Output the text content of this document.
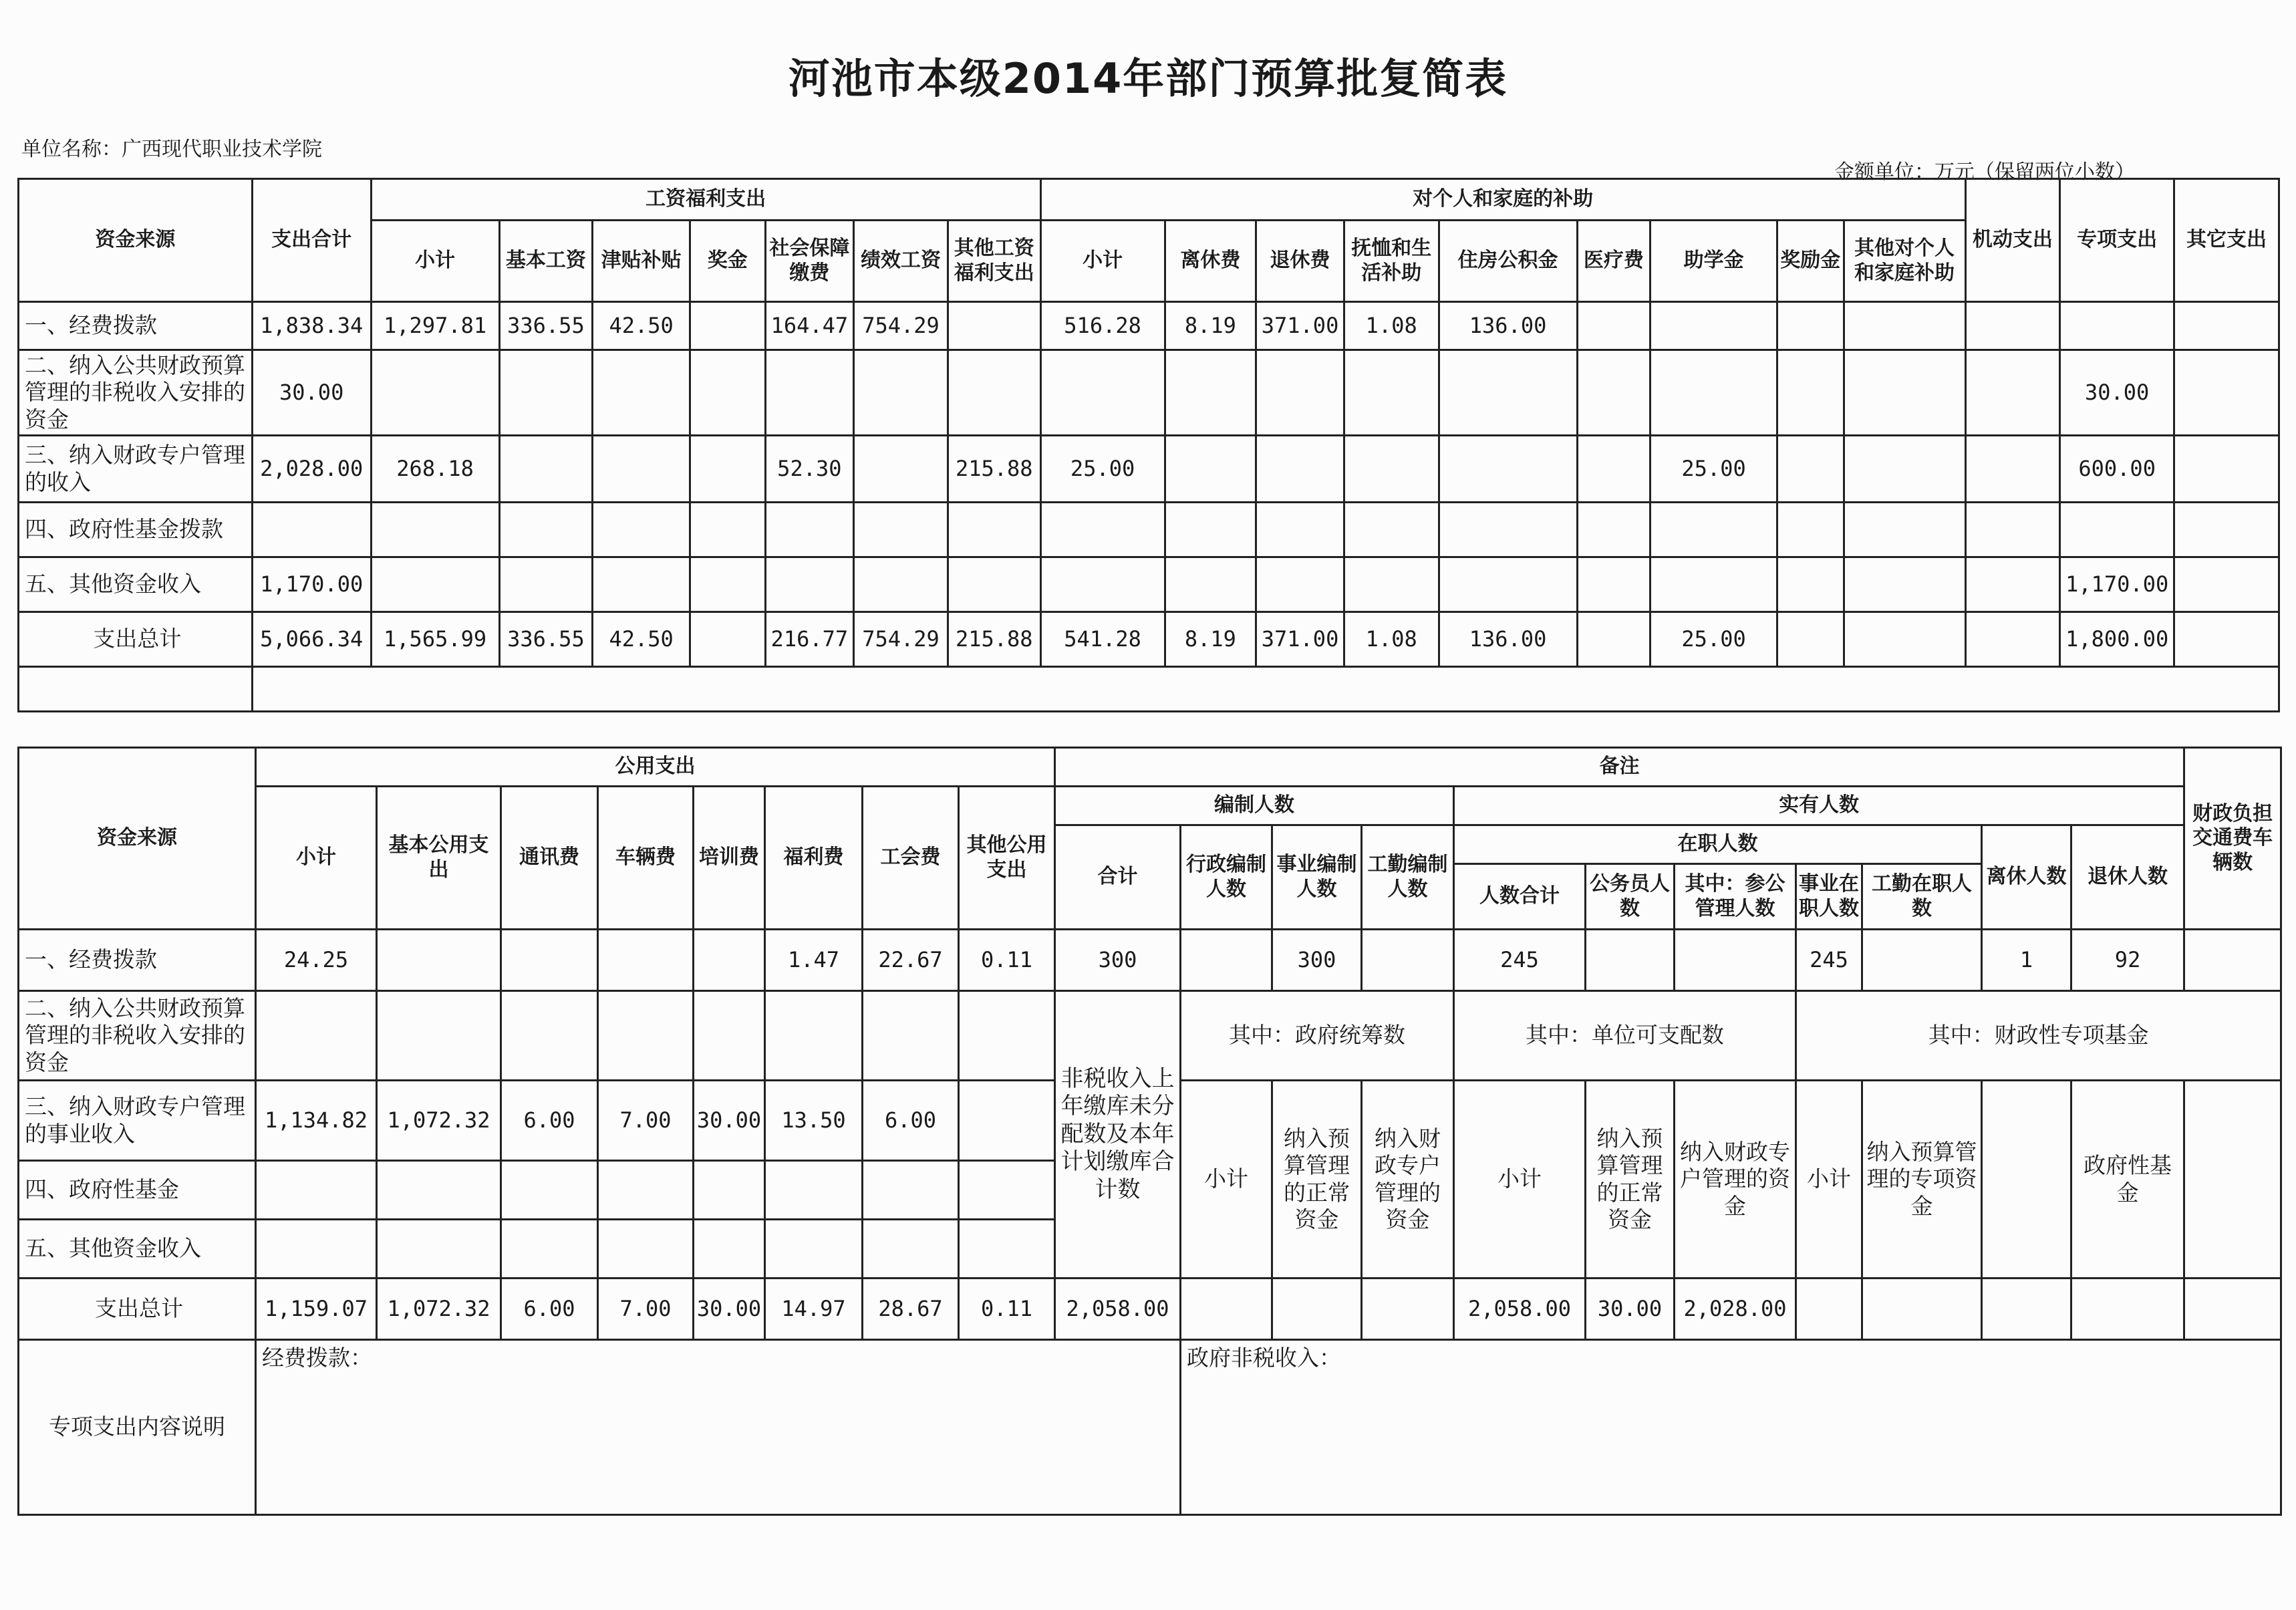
河池市本级2014年部门预算批复简表
单位名称：广西现代职业技术学院
金额单位：万元（保留两位小数）
资金来源	支出合计	工资福利支出							对个人和家庭的补助									机动支出	专项支出	其它支出
		小计	基本工资	津贴补贴	奖金	社会保障缴费	绩效工资	其他工资福利支出	小计	离休费	退休费	抚恤和生活补助	住房公积金	医疗费	助学金	奖励金	其他对个人和家庭补助			
一、经费拨款	1,838.34	1,297.81	336.55	42.50		164.47	754.29		516.28	8.19	371.00	1.08	136.00							
二、纳入公共财政预算管理的非税收入安排的资金	30.00																		30.00	
三、纳入财政专户管理的收入	2,028.00	268.18				52.30		215.88	25.00						25.00				600.00	
四、政府性基金拨款																				
五、其他资金收入	1,170.00																		1,170.00	
支出总计	5,066.34	1,565.99	336.55	42.50		216.77	754.29	215.88	541.28	8.19	371.00	1.08	136.00		25.00				1,800.00	

资金来源	公用支出								备注											财政负担交通费车辆数
	小计	基本公用支出	通讯费	车辆费	培训费	福利费	工会费	其他公用支出	编制人数				实有人数							
									合计	行政编制人数	事业编制人数	工勤编制人数	在职人数					离休人数	退休人数	
													人数合计	公务员人数	其中：参公管理人数	事业在职人数	工勤在职人数			
一、经费拨款	24.25					1.47	22.67	0.11	300		300		245			245		1	92	
二、纳入公共财政预算管理的非税收入安排的资金									非税收入上年缴库未分配数及本年计划缴库合计数	其中：政府统筹数			其中：单位可支配数			其中：财政性专项基金				
三、纳入财政专户管理的事业收入	1,134.82	1,072.32	6.00	7.00	30.00	13.50	6.00			小计	纳入预算管理的正常资金	纳入财政专户管理的资金	小计	纳入预算管理的正常资金	纳入财政专户管理的资金	小计	纳入预算管理的专项资金		政府性基金	
四、政府性基金																				
五、其他资金收入																				
支出总计	1,159.07	1,072.32	6.00	7.00	30.00	14.97	28.67	0.11	2,058.00				2,058.00	30.00	2,028.00					
专项支出内容说明	经费拨款：									政府非税收入：										
